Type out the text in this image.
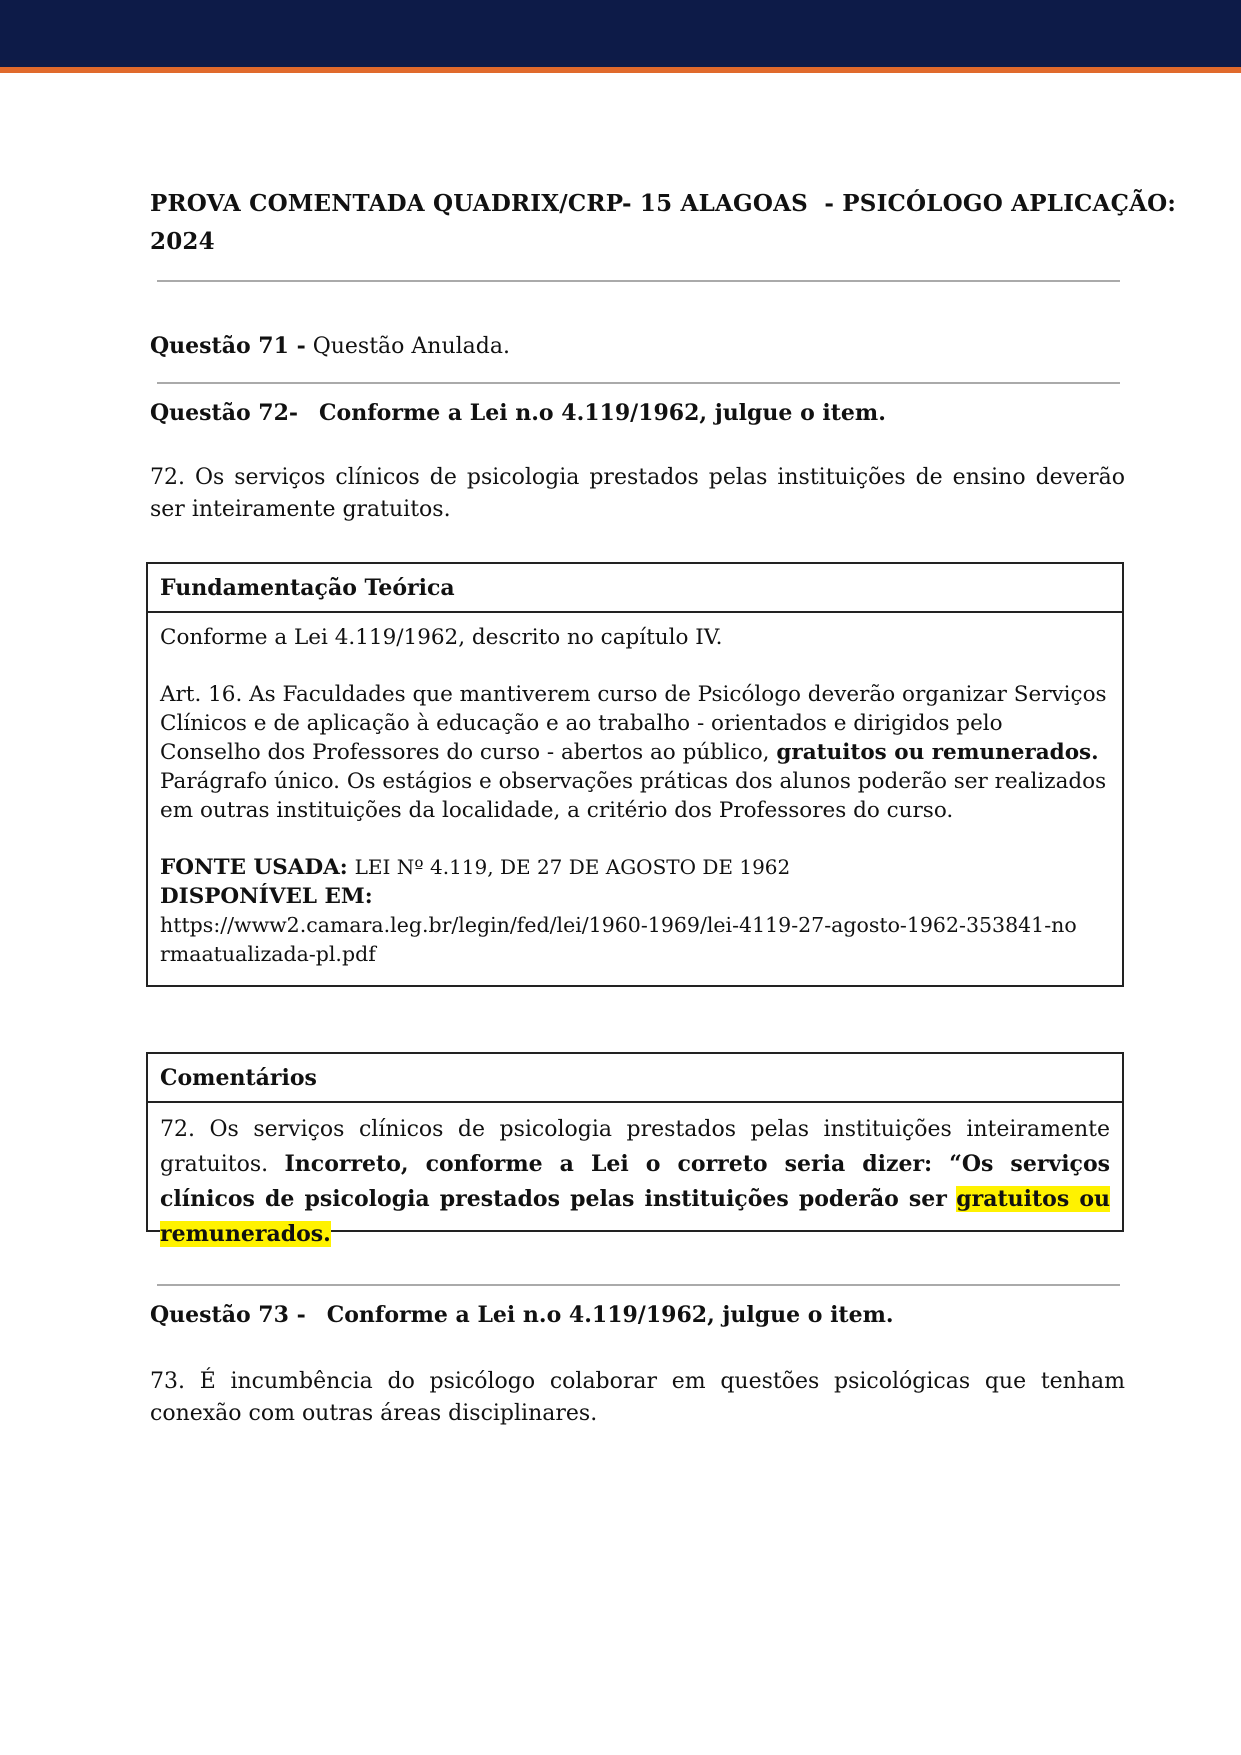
PROVA COMENTADA QUADRIX/CRP- 15 ALAGOAS  - PSICÓLOGO APLICAÇÃO:
2024
Questão 71 - Questão Anulada.
Questão 72- Conforme a Lei n.o 4.119/1962, julgue o item.
72. Os serviços clínicos de psicologia prestados pelas instituições de ensino deverão ser inteiramente gratuitos.
Fundamentação Teórica

Conforme a Lei 4.119/1962, descrito no capítulo IV.

Art. 16. As Faculdades que mantiverem curso de Psicólogo deverão organizar Serviços Clínicos e de aplicação à educação e ao trabalho - orientados e dirigidos pelo Conselho dos Professores do curso - abertos ao público, gratuitos ou remunerados.

Parágrafo único. Os estágios e observações práticas dos alunos poderão ser realizados em outras instituições da localidade, a critério dos Professores do curso.

FONTE USADA: LEI Nº 4.119, DE 27 DE AGOSTO DE 1962

DISPONÍVEL EM:

https://www2.camara.leg.br/legin/fed/lei/1960-1969/lei-4119-27-agosto-1962-353841-no

rmaatualizada-pl.pdf

Comentários
72. Os serviços clínicos de psicologia prestados pelas instituições inteiramente gratuitos. Incorreto, conforme a Lei o correto seria dizer: “Os serviços clínicos de psicologia prestados pelas instituições poderão ser gratuitos ou remunerados.
Questão 73 - Conforme a Lei n.o 4.119/1962, julgue o item.
73. É incumbência do psicólogo colaborar em questões psicológicas que tenham conexão com outras áreas disciplinares.
